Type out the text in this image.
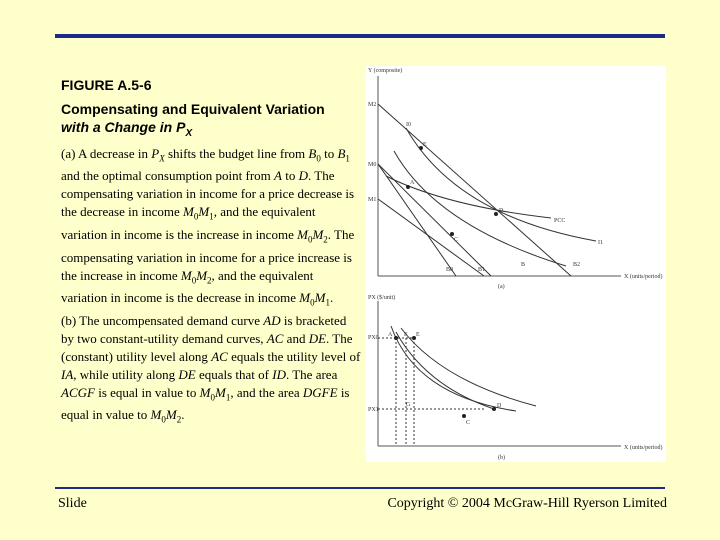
FIGURE A.5-6
Compensating and Equivalent Variation
with a Change in $P_X$

(a) A decrease in $P_X$ shifts the budget line from $B_0$ to $B_1$ and the optimal consumption point from A to D. The compensating variation in income for a price decrease is the decrease in income $M_0M_1$, and the equivalent variation in income is the increase in income $M_0M_2$. The compensating variation in income for a price increase is the increase in income $M_0M_2$, and the equivalent variation in income is the decrease in income $M_0M_1$.

(b) The uncompensated demand curve AD is bracketed by two constant-utility demand curves, AC and DE. The (constant) utility level along AC equals the utility level of IA, while utility along DE equals that of ID. The area ACGF is equal in value to $M_0M_1$, and the area DGFE is equal in value to $M_0M_2$.

Y (composite)
X (units/period)
(a)
M2
M0
M1
A
D
C
E
I0
I1
B0	B1
B2
B
PCC
PX ($/unit)
X (units/period)
(b)
PX0
PX1
A
D
C
E
F
G
Slide	Copyright © 2004 McGraw-Hill Ryerson Limited
